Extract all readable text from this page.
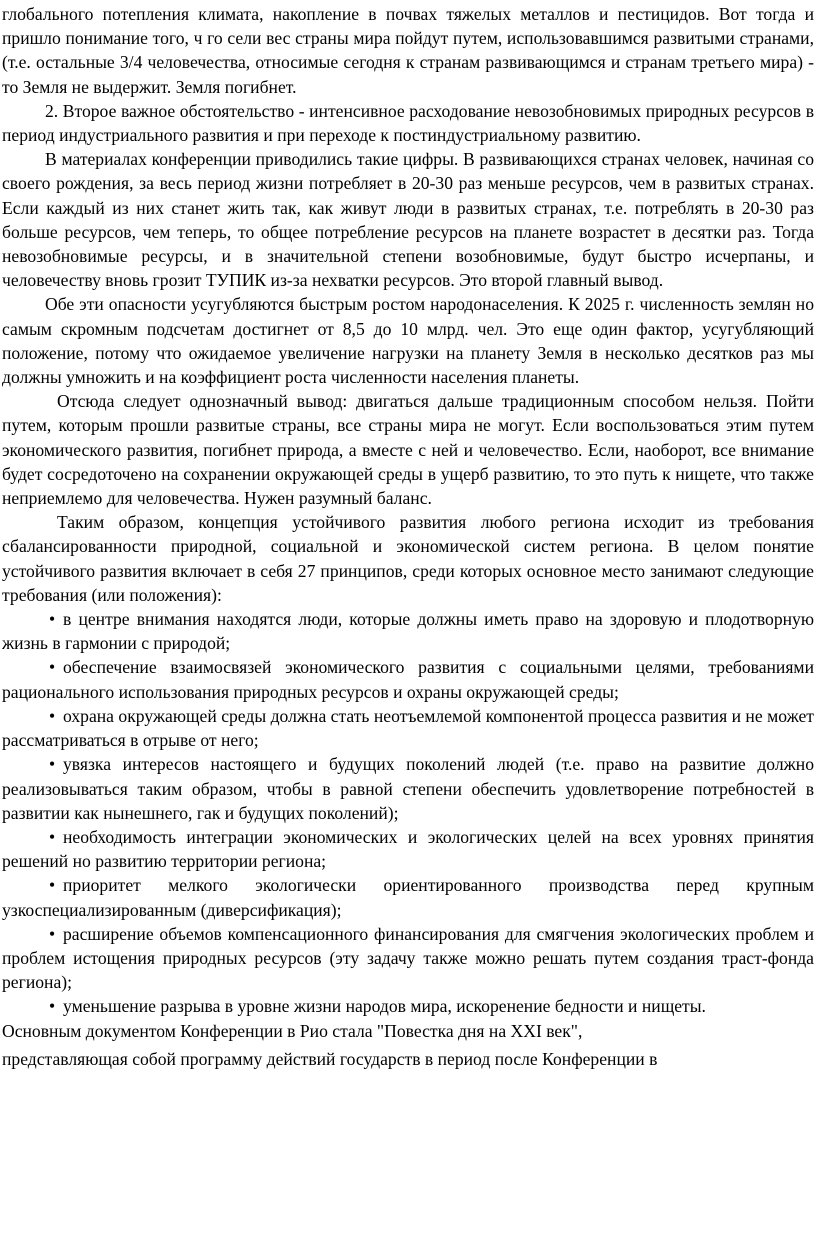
глобального потепления климата, накопление в почвах тяжелых металлов и пестицидов. Вот тогда и пришло понимание того, ч го сели вес страны мира пойдут путем, использовавшимся развитыми странами, (т.е. остальные 3/4 человечества, относимые сегодня к странам развивающимся и странам третьего мира) - то Земля не выдержит. Земля погибнет.

2. Второе важное обстоятельство - интенсивное расходование невозобновимых природных ресурсов в период индустриального развития и при переходе к постиндустриальному развитию.

В материалах конференции приводились такие цифры. В развивающихся странах человек, начиная со своего рождения, за весь период жизни потребляет в 20-30 раз меньше ресурсов, чем в развитых странах. Если каждый из них станет жить так, как живут люди в развитых странах, т.е. потреблять в 20-30 раз больше ресурсов, чем теперь, то общее потребление ресурсов на планете возрастет в десятки раз. Тогда невозобновимые ресурсы, и в значительной степени возобновимые, будут быстро исчерпаны, и человечеству вновь грозит ТУПИК из-за нехватки ресурсов. Это второй главный вывод.

Обе эти опасности усугубляются быстрым ростом народонаселения. К 2025 г. численность землян но самым скромным подсчетам достигнет от 8,5 до 10 млрд. чел. Это еще один фактор, усугубляющий положение, потому что ожидаемое увеличение нагрузки на планету Земля в несколько десятков раз мы должны умножить и на коэффициент роста численности населения планеты.

Отсюда следует однозначный вывод: двигаться дальше традиционным способом нельзя. Пойти путем, которым прошли развитые страны, все страны мира не могут. Если воспользоваться этим путем экономического развития, погибнет природа, а вместе с ней и человечество. Если, наоборот, все внимание будет сосредоточено на сохранении окружающей среды в ущерб развитию, то это путь к нищете, что также неприемлемо для человечества. Нужен разумный баланс.

Таким образом, концепция устойчивого развития любого региона исходит из требования сбалансированности природной, социальной и экономической систем региона. В целом понятие устойчивого развития включает в себя 27 принципов, среди которых основное место занимают следующие требования (или положения):

• в центре внимания находятся люди, которые должны иметь право на здоровую и плодотворную жизнь в гармонии с природой;

• обеспечение взаимосвязей экономического развития с социальными целями, требованиями рационального использования природных ресурсов и охраны окружающей среды;

• охрана окружающей среды должна стать неотъемлемой компонентой процесса развития и не может рассматриваться в отрыве от него;

• увязка интересов настоящего и будущих поколений людей (т.е. право на развитие должно реализовываться таким образом, чтобы в равной степени обеспечить удовлетворение потребностей в развитии как нынешнего, гак и будущих поколений);

• необходимость интеграции экономических и экологических целей на всех уровнях принятия решений но развитию территории региона;

• приоритет мелкого экологически ориентированного производства перед крупным узкоспециализированным (диверсификация);

• расширение объемов компенсационного финансирования для смягчения экологических проблем и проблем истощения природных ресурсов (эту задачу также можно решать путем создания траст-фонда региона);

• уменьшение разрыва в уровне жизни народов мира, искоренение бедности и нищеты.

Основным документом Конференции в Рио стала "Повестка дня на XXI век",

представляющая собой программу действий государств в период после Конференции в
